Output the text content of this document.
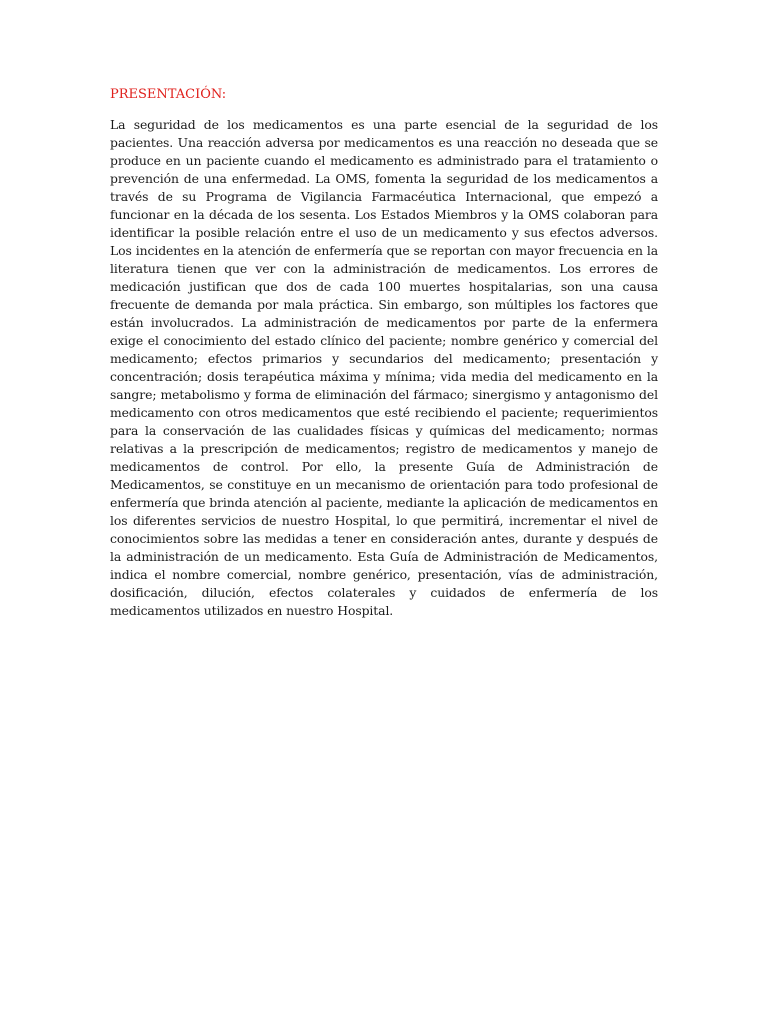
PRESENTACIÓN:

La seguridad de los medicamentos es una parte esencial de la seguridad de los pacientes. Una reacción adversa por medicamentos es una reacción no deseada que se produce en un paciente cuando el medicamento es administrado para el tratamiento o prevención de una enfermedad. La OMS, fomenta la seguridad de los medicamentos a través de su Programa de Vigilancia Farmacéutica Internacional, que empezó a funcionar en la década de los sesenta. Los Estados Miembros y la OMS colaboran para identificar la posible relación entre el uso de un medicamento y sus efectos adversos. Los incidentes en la atención de enfermería que se reportan con mayor frecuencia en la literatura tienen que ver con la administración de medicamentos. Los errores de medicación justifican que dos de cada 100 muertes hospitalarias, son una causa frecuente de demanda por mala práctica. Sin embargo, son múltiples los factores que están involucrados. La administración de medicamentos por parte de la enfermera exige el conocimiento del estado clínico del paciente; nombre genérico y comercial del medicamento; efectos primarios y secundarios del medicamento; presentación y concentración; dosis terapéutica máxima y mínima; vida media del medicamento en la sangre; metabolismo y forma de eliminación del fármaco; sinergismo y antagonismo del medicamento con otros medicamentos que esté recibiendo el paciente; requerimientos para la conservación de las cualidades físicas y químicas del medicamento; normas relativas a la prescripción de medicamentos; registro de medicamentos y manejo de medicamentos de control. Por ello, la presente Guía de Administración de Medicamentos, se constituye en un mecanismo de orientación para todo profesional de enfermería que brinda atención al paciente, mediante la aplicación de medicamentos en los diferentes servicios de nuestro Hospital, lo que permitirá, incrementar el nivel de conocimientos sobre las medidas a tener en consideración antes, durante y después de la administración de un medicamento. Esta Guía de Administración de Medicamentos, indica el nombre comercial, nombre genérico, presentación, vías de administración, dosificación, dilución, efectos colaterales y cuidados de enfermería de los medicamentos utilizados en nuestro Hospital.
